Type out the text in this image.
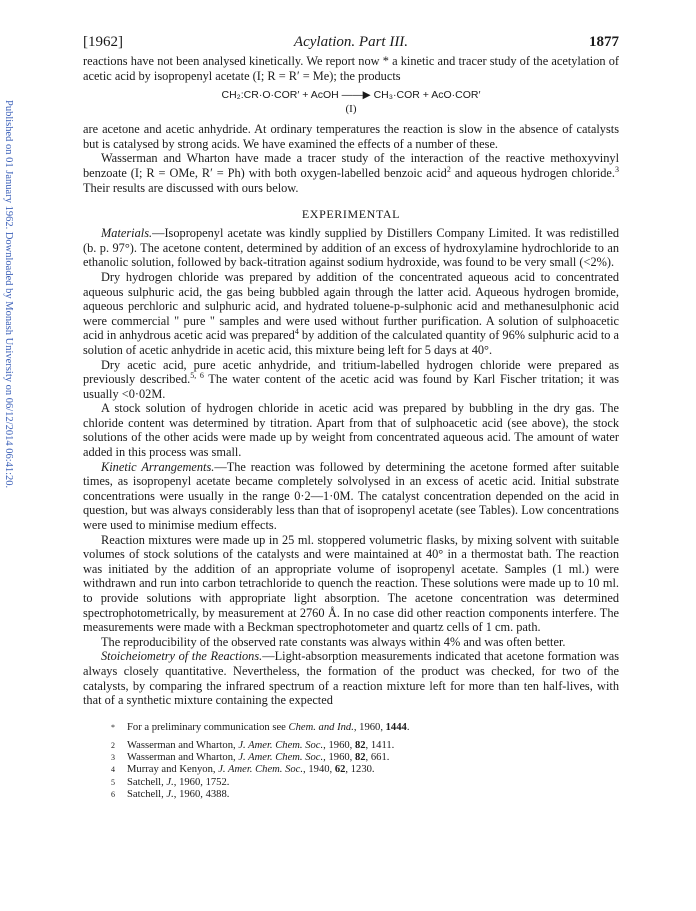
Published on 01 January 1962. Downloaded by Monash University on 06/12/2014 06:41:20.
[1962]	Acylation. Part III.	1877

reactions have not been analysed kinetically. We report now * a kinetic and tracer study of the acetylation of acetic acid by isopropenyl acetate (I; R = R′ = Me); the products

CH₂:CR·O·COR′ + AcOH ——▶ CH₃·COR + AcO·COR′
(I)

are acetone and acetic anhydride. At ordinary temperatures the reaction is slow in the absence of catalysts but is catalysed by strong acids. We have examined the effects of a number of these.

Wasserman and Wharton have made a tracer study of the interaction of the reactive methoxyvinyl benzoate (I; R = OMe, R′ = Ph) with both oxygen-labelled benzoic acid$^2$ and aqueous hydrogen chloride.$^3$ Their results are discussed with ours below.

EXPERIMENTAL

Materials.—Isopropenyl acetate was kindly supplied by Distillers Company Limited. It was redistilled (b. p. 97°). The acetone content, determined by addition of an excess of hydroxylamine hydrochloride to an ethanolic solution, followed by back-titration against sodium hydroxide, was found to be very small (<2%).

Dry hydrogen chloride was prepared by addition of the concentrated aqueous acid to concentrated aqueous sulphuric acid, the gas being bubbled again through the latter acid. Aqueous hydrogen bromide, aqueous perchloric and sulphuric acid, and hydrated toluene-p-sulphonic acid and methanesulphonic acid were commercial " pure " samples and were used without further purification. A solution of sulphoacetic acid in anhydrous acetic acid was prepared$^4$ by addition of the calculated quantity of 96% sulphuric acid to a solution of acetic anhydride in acetic acid, this mixture being left for 5 days at 40°.

Dry acetic acid, pure acetic anhydride, and tritium-labelled hydrogen chloride were prepared as previously described.$^{5, 6}$ The water content of the acetic acid was found by Karl Fischer tritation; it was usually <0·02M.

A stock solution of hydrogen chloride in acetic acid was prepared by bubbling in the dry gas. The chloride content was determined by titration. Apart from that of sulphoacetic acid (see above), the stock solutions of the other acids were made up by weight from concentrated aqueous acid. The amount of water added in this process was small.

Kinetic Arrangements.—The reaction was followed by determining the acetone formed after suitable times, as isopropenyl acetate became completely solvolysed in an excess of acetic acid. Initial substrate concentrations were usually in the range 0·2—1·0M. The catalyst concentration depended on the acid in question, but was always considerably less than that of isopropenyl acetate (see Tables). Low concentrations were used to minimise medium effects.

Reaction mixtures were made up in 25 ml. stoppered volumetric flasks, by mixing solvent with suitable volumes of stock solutions of the catalysts and were maintained at 40° in a thermostat bath. The reaction was initiated by the addition of an appropriate volume of isopropenyl acetate. Samples (1 ml.) were withdrawn and run into carbon tetrachloride to quench the reaction. These solutions were made up to 10 ml. to provide solutions with appropriate light absorption. The acetone concentration was determined spectrophotometrically, by measurement at 2760 Å. In no case did other reaction components interfere. The measurements were made with a Beckman spectrophotometer and quartz cells of 1 cm. path.

The reproducibility of the observed rate constants was always within 4% and was often better.

Stoicheiometry of the Reactions.—Light-absorption measurements indicated that acetone formation was always closely quantitative. Nevertheless, the formation of the product was checked, for two of the catalysts, by comparing the infrared spectrum of a reaction mixture left for more than ten half-lives, with that of a synthetic mixture containing the expected

* For a preliminary communication see Chem. and Ind., 1960, 1444.
2 Wasserman and Wharton, J. Amer. Chem. Soc., 1960, 82, 1411.
3 Wasserman and Wharton, J. Amer. Chem. Soc., 1960, 82, 661.
4 Murray and Kenyon, J. Amer. Chem. Soc., 1940, 62, 1230.
5 Satchell, J., 1960, 1752.
6 Satchell, J., 1960, 4388.
